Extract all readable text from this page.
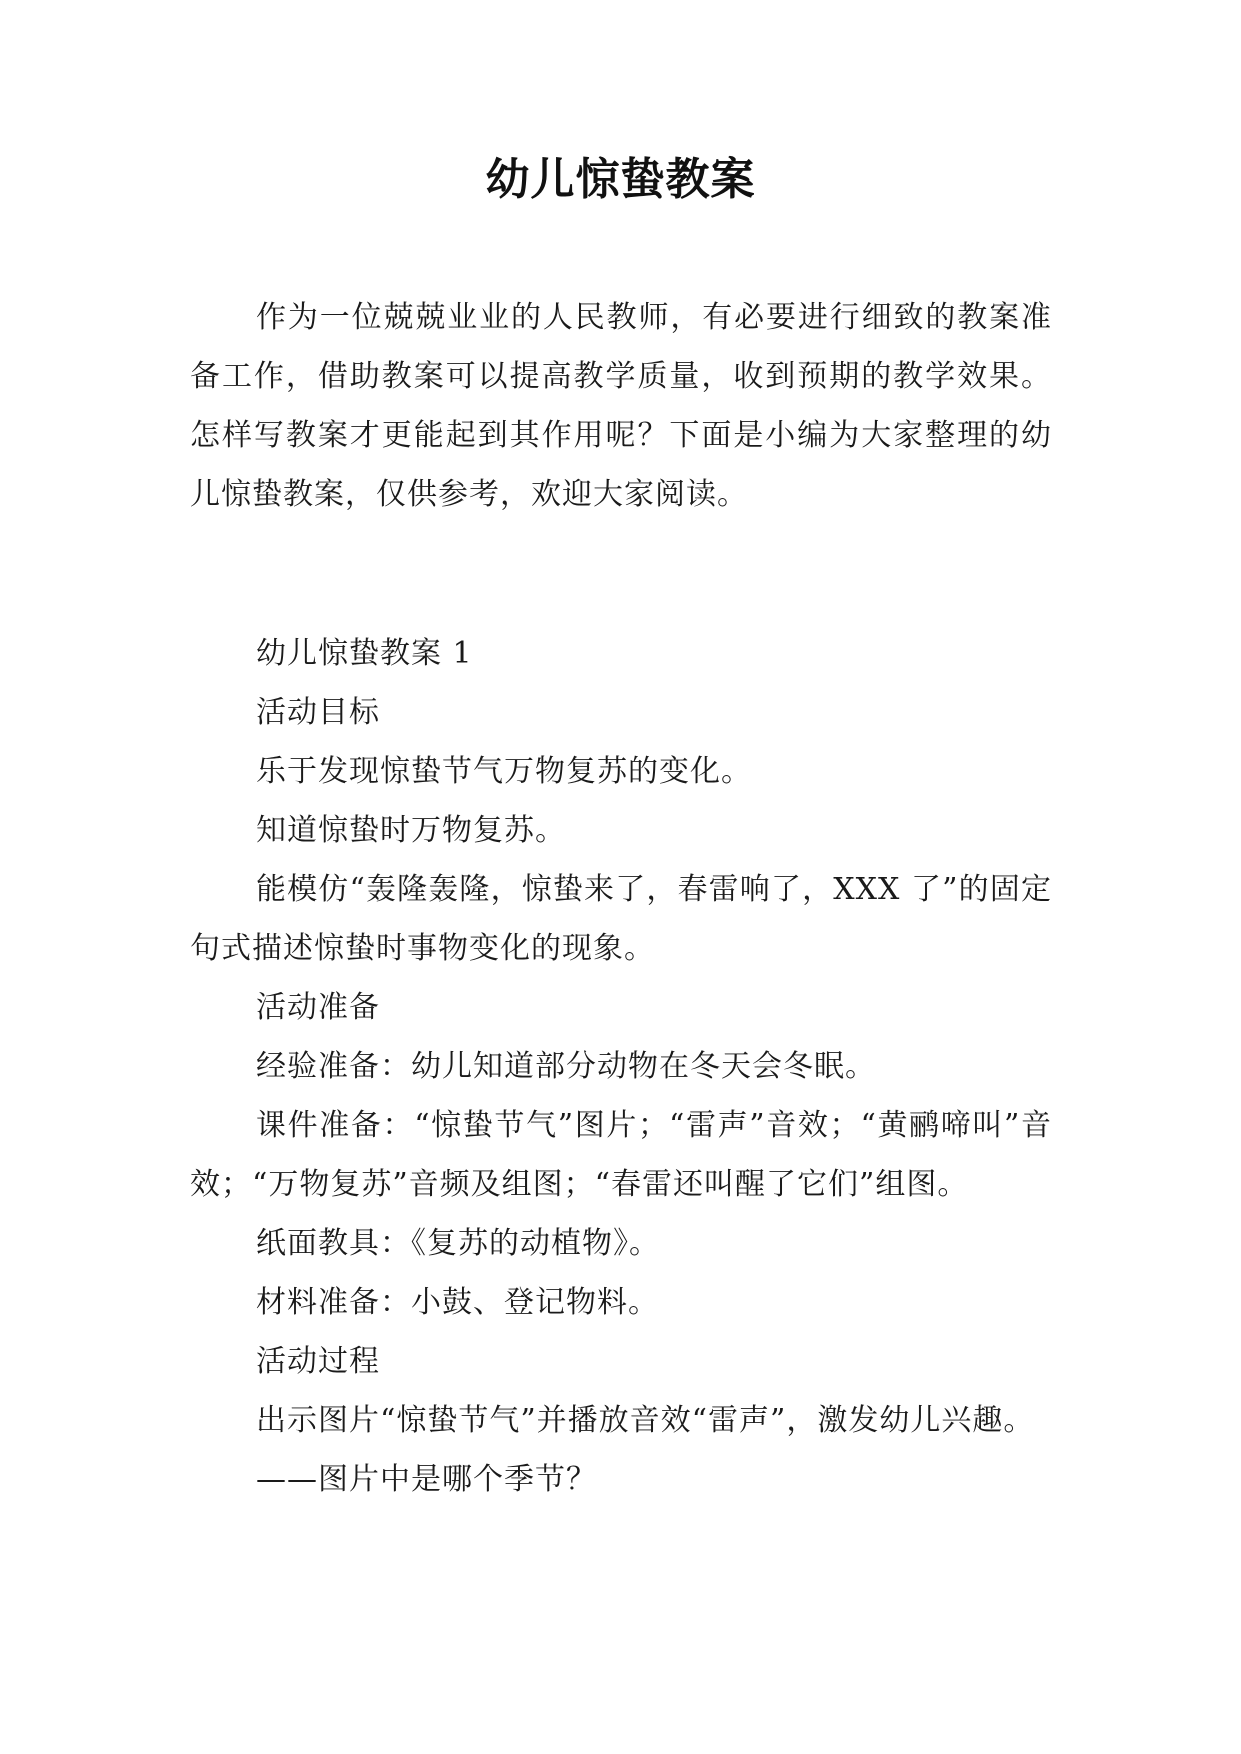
幼儿惊蛰教案

作为一位兢兢业业的人民教师，有必要进行细致的教案准备工作，借助教案可以提高教学质量，收到预期的教学效果。怎样写教案才更能起到其作用呢？下面是小编为大家整理的幼儿惊蛰教案，仅供参考，欢迎大家阅读。

幼儿惊蛰教案 1

活动目标

乐于发现惊蛰节气万物复苏的变化。

知道惊蛰时万物复苏。

能模仿“轰隆轰隆，惊蛰来了，春雷响了，XXX 了”的固定句式描述惊蛰时事物变化的现象。

活动准备

经验准备：幼儿知道部分动物在冬天会冬眠。

课件准备：“惊蛰节气”图片；“雷声”音效；“黄鹂啼叫”音效；“万物复苏”音频及组图；“春雷还叫醒了它们”组图。

纸面教具：《复苏的动植物》。

材料准备：小鼓、登记物料。

活动过程

出示图片“惊蛰节气”并播放音效“雷声”，激发幼儿兴趣。

——图片中是哪个季节？
